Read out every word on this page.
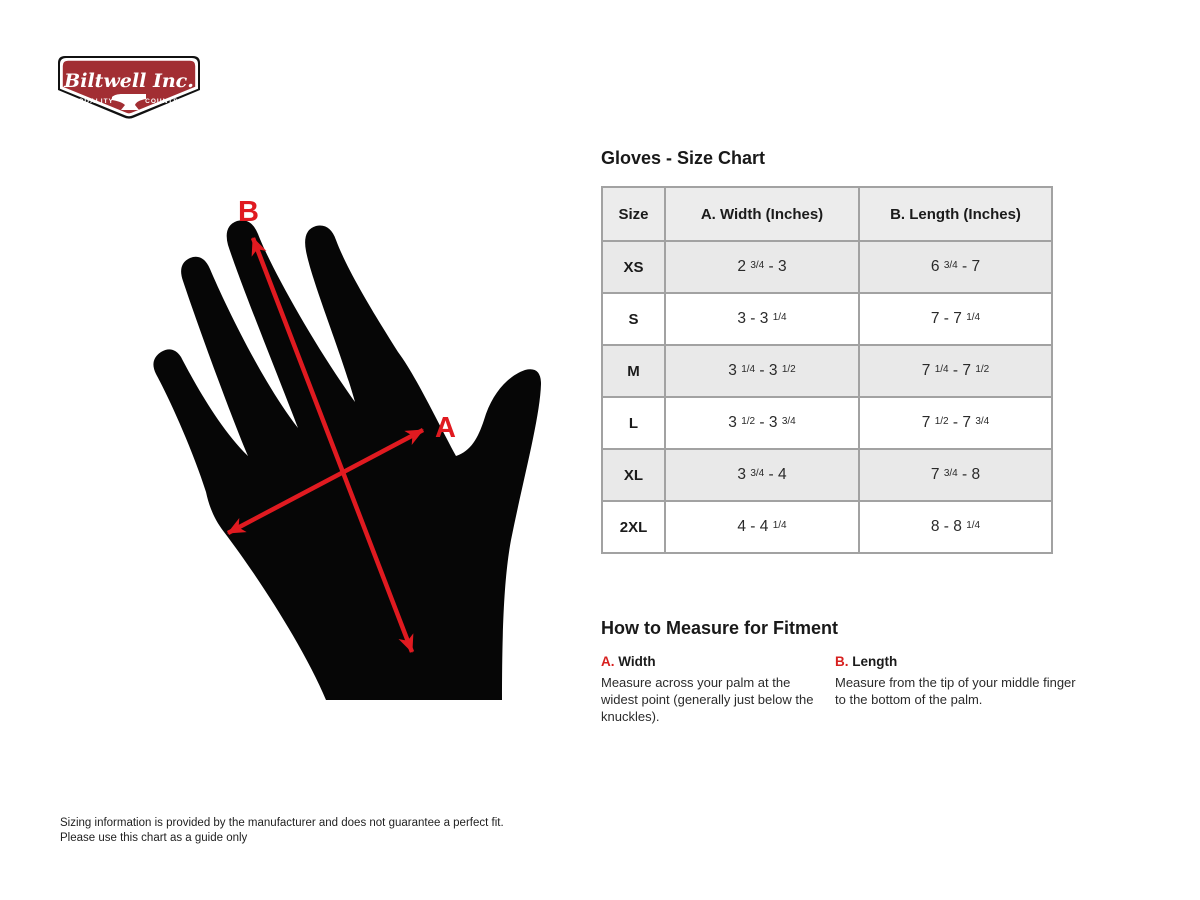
Biltwell Inc.
“QUALITY	COUNTS”
B
A
Gloves - Size Chart
Size	A. Width (Inches)	B. Length (Inches)
XS	2 3/4 - 3	6 3/4 - 7
S	3 - 3 1/4	7 - 7 1/4
M	3 1/4 - 3 1/2	7 1/4 - 7 1/2
L	3 1/2 - 3 3/4	7 1/2 - 7 3/4
XL	3 3/4 - 4	7 3/4 - 8
2XL	4 - 4 1/4	8 - 8 1/4
How to Measure for Fitment

A. Width

Measure across your palm at the widest point (generally just below the knuckles).

B. Length

Measure from the tip of your middle finger to the bottom of the palm.

Sizing information is provided by the manufacturer and does not guarantee a perfect fit.
Please use this chart as a guide only
